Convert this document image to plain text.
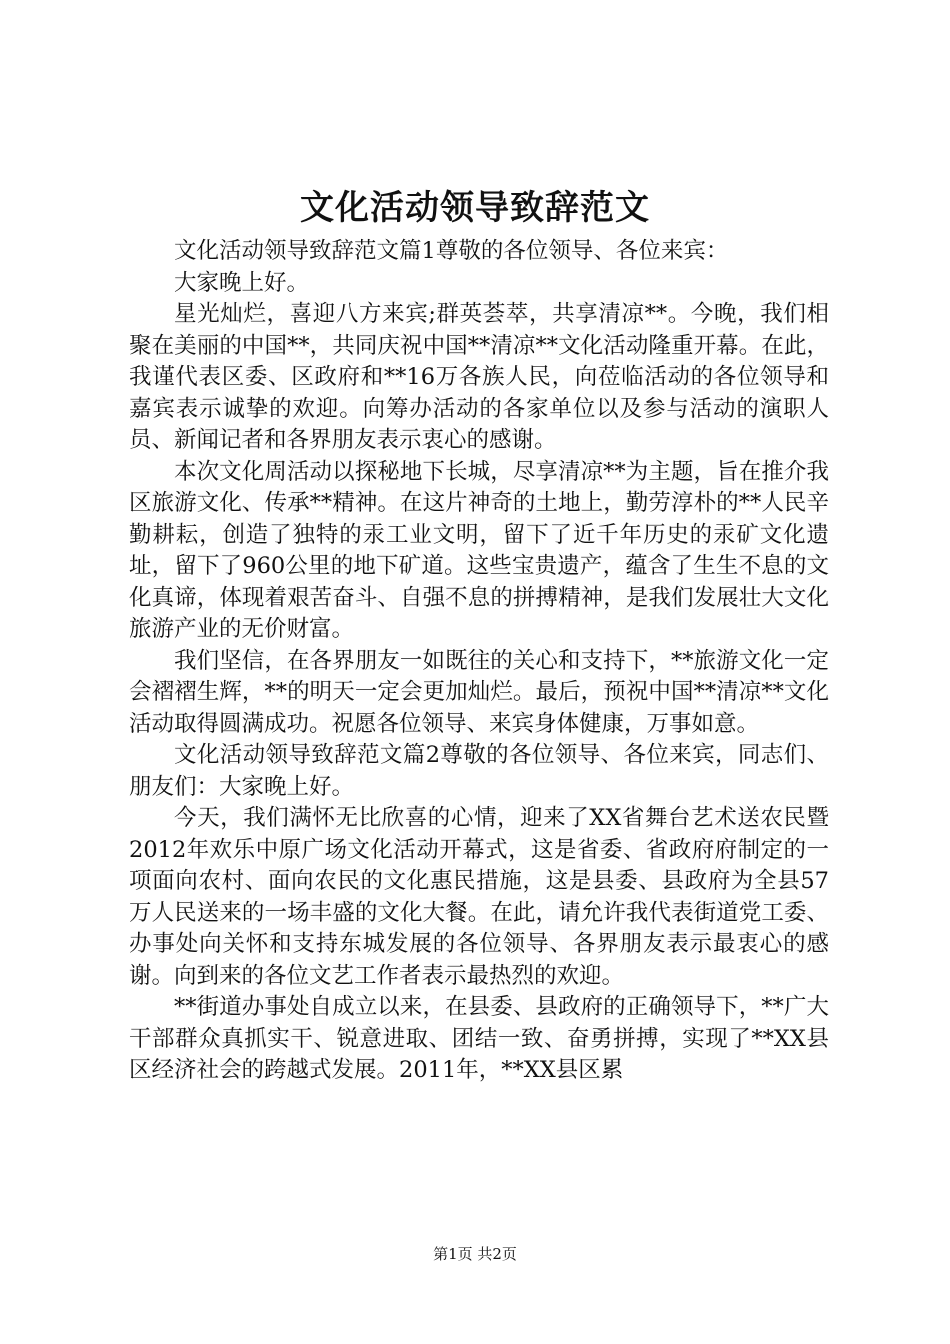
文化活动领导致辞范文

文化活动领导致辞范文篇1尊敬的各位领导、各位来宾：

大家晚上好。

星光灿烂，喜迎八方来宾;群英荟萃，共享清凉**。今晚，我们相聚在美丽的中国**，共同庆祝中国**清凉**文化活动隆重开幕。在此，我谨代表区委、区政府和**16万各族人民，向莅临活动的各位领导和嘉宾表示诚挚的欢迎。向筹办活动的各家单位以及参与活动的演职人员、新闻记者和各界朋友表示衷心的感谢。

本次文化周活动以探秘地下长城，尽享清凉**为主题，旨在推介我区旅游文化、传承**精神。在这片神奇的土地上，勤劳淳朴的**人民辛勤耕耘，创造了独特的汞工业文明，留下了近千年历史的汞矿文化遗址，留下了960公里的地下矿道。这些宝贵遗产，蕴含了生生不息的文化真谛，体现着艰苦奋斗、自强不息的拼搏精神，是我们发展壮大文化旅游产业的无价财富。

我们坚信，在各界朋友一如既往的关心和支持下，**旅游文化一定会褶褶生辉，**的明天一定会更加灿烂。最后，预祝中国**清凉**文化活动取得圆满成功。祝愿各位领导、来宾身体健康，万事如意。

文化活动领导致辞范文篇2尊敬的各位领导、各位来宾，同志们、朋友们：大家晚上好。

今天，我们满怀无比欣喜的心情，迎来了XX省舞台艺术送农民暨2012年欢乐中原广场文化活动开幕式，这是省委、省政府府制定的一项面向农村、面向农民的文化惠民措施，这是县委、县政府为全县57万人民送来的一场丰盛的文化大餐。在此，请允许我代表街道党工委、办事处向关怀和支持东城发展的各位领导、各界朋友表示最衷心的感谢。向到来的各位文艺工作者表示最热烈的欢迎。

**街道办事处自成立以来，在县委、县政府的正确领导下，**广大干部群众真抓实干、锐意进取、团结一致、奋勇拼搏，实现了**XX县区经济社会的跨越式发展。2011年，**XX县区累

第1页 共2页
